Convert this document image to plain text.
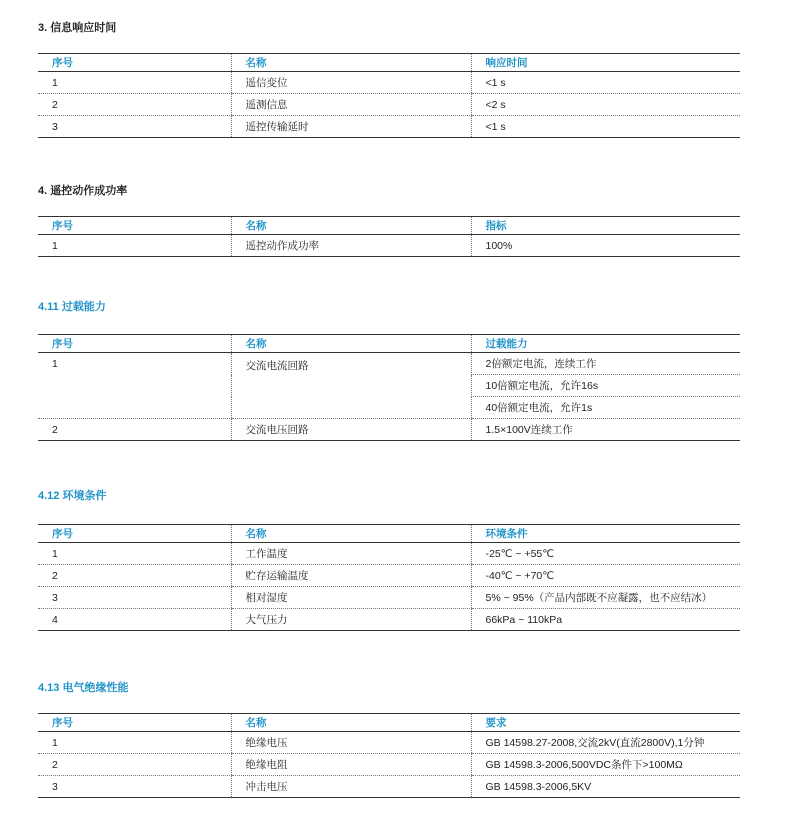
3. 信息响应时间
序号	名称	响应时间
1	遥信变位	<1 s
2	遥测信息	<2 s
3	遥控传输延时	<1 s
4. 遥控动作成功率
序号	名称	指标
1	遥控动作成功率	100%
4.11 过载能力
序号	名称	过载能力
1	交流电流回路	2倍额定电流，连续工作
		10倍额定电流，允许16s
		40倍额定电流，允许1s
2	交流电压回路	1.5×100V连续工作
4.12 环境条件
序号	名称	环境条件
1	工作温度	-25℃ ~ +55℃
2	贮存运输温度	-40℃ ~ +70℃
3	相对湿度	5% ~ 95%（产品内部既不应凝露，也不应结冰）
4	大气压力	66kPa ~ 110kPa
4.13 电气绝缘性能
序号	名称	要求
1	绝缘电压	GB 14598.27-2008,交流2kV(直流2800V),1分钟
2	绝缘电阻	GB 14598.3-2006,500VDC条件下>100MΩ
3	冲击电压	GB 14598.3-2006,5KV
